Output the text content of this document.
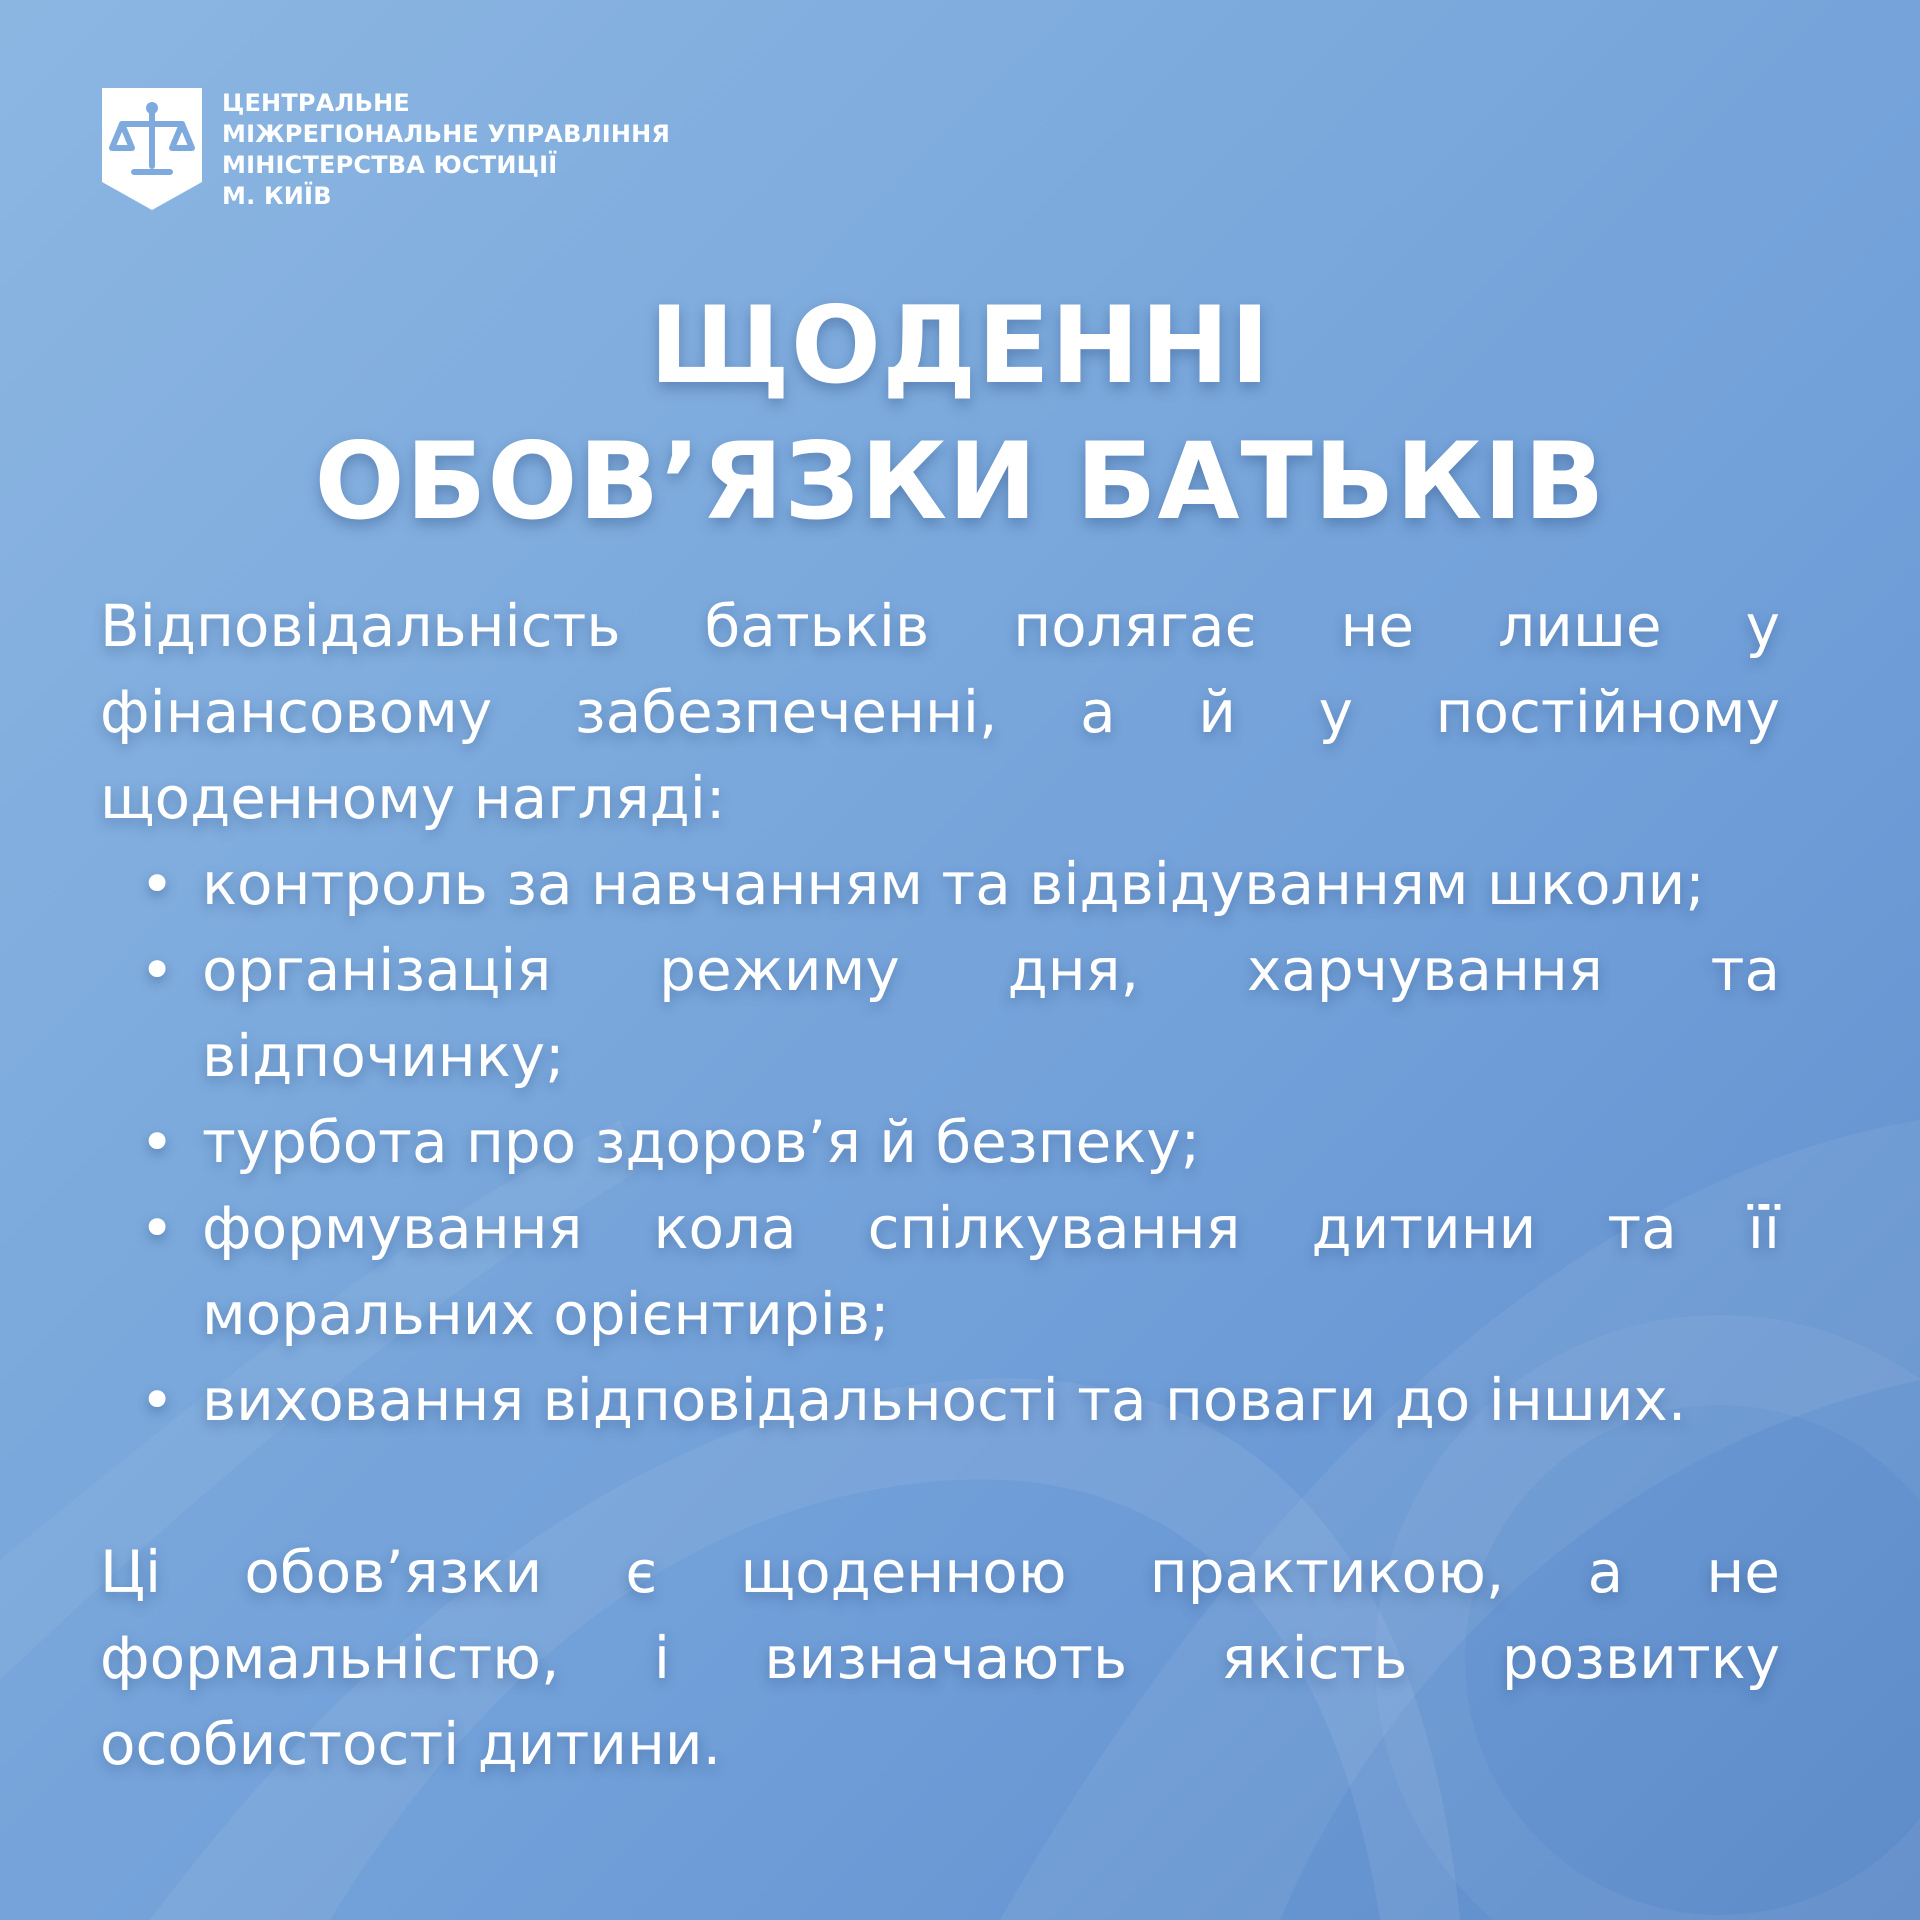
ЦЕНТРАЛЬНЕ
МІЖРЕГІОНАЛЬНЕ УПРАВЛІННЯ
МІНІСТЕРСТВА ЮСТИЦІЇ
М. КИЇВ
ЩОДЕННІ
ОБОВ’ЯЗКИ БАТЬКІВ

Відповідальність батьків полягає не лише у фінансовому забезпеченні, а й у постійному щоденному нагляді:

• контроль за навчанням та відвідуванням школи;
• організація режиму дня, харчування та відпочинку;
• турбота про здоров’я й безпеку;
• формування кола спілкування дитини та її моральних орієнтирів;
• виховання відповідальності та поваги до інших.

Ці обов’язки є щоденною практикою, а не формальністю, і визначають якість розвитку особистості дитини.
